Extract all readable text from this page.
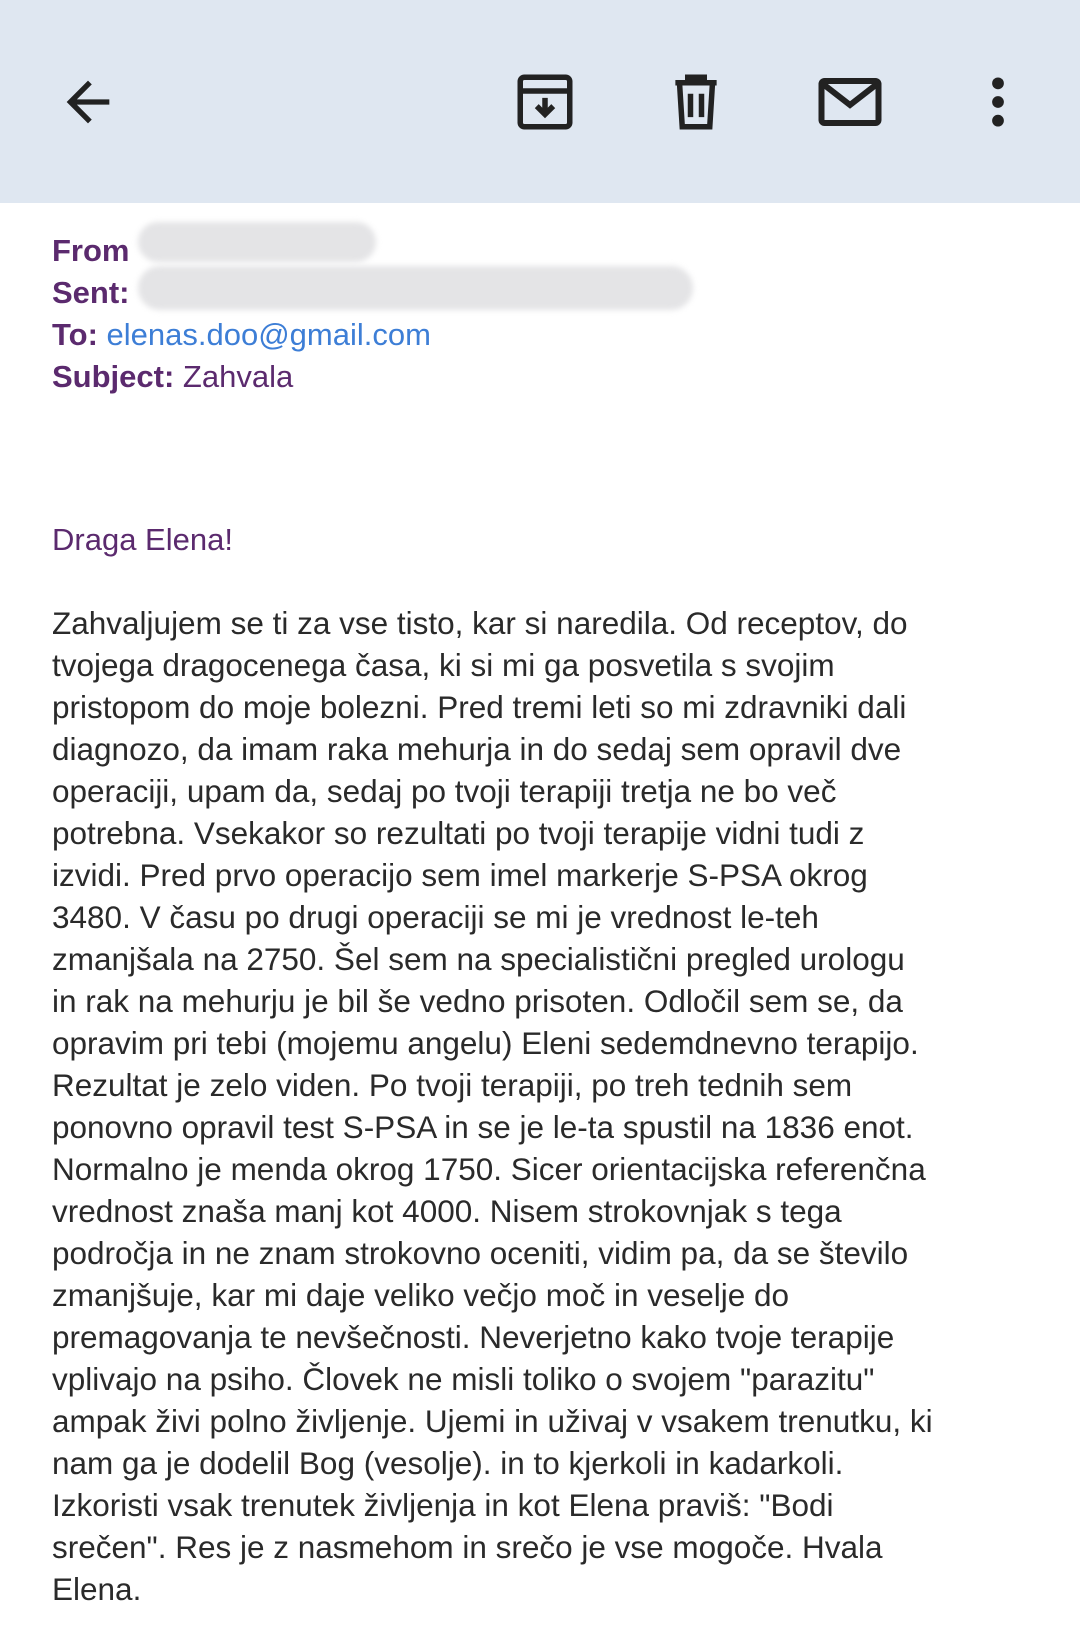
From
Sent:
To: elenas.doo@gmail.com
Subject: Zahvala
Draga Elena!
Zahvaljujem se ti za vse tisto, kar si naredila. Od receptov, do
tvojega dragocenega časa, ki si mi ga posvetila s svojim
pristopom do moje bolezni. Pred tremi leti so mi zdravniki dali
diagnozo, da imam raka mehurja in do sedaj sem opravil dve
operaciji, upam da, sedaj po tvoji terapiji tretja ne bo več
potrebna. Vsekakor so rezultati po tvoji terapije vidni tudi z
izvidi. Pred prvo operacijo sem imel markerje S-PSA okrog
3480. V času po drugi operaciji se mi je vrednost le-teh
zmanjšala na 2750. Šel sem na specialistični pregled urologu
in rak na mehurju je bil še vedno prisoten. Odločil sem se, da
opravim pri tebi (mojemu angelu) Eleni sedemdnevno terapijo.
Rezultat je zelo viden. Po tvoji terapiji, po treh tednih sem
ponovno opravil test S-PSA in se je le-ta spustil na 1836 enot.
Normalno je menda okrog 1750. Sicer orientacijska referenčna
vrednost znaša manj kot 4000. Nisem strokovnjak s tega
področja in ne znam strokovno oceniti, vidim pa, da se število
zmanjšuje, kar mi daje veliko večjo moč in veselje do
premagovanja te nevšečnosti. Neverjetno kako tvoje terapije
vplivajo na psiho. Človek ne misli toliko o svojem "parazitu"
ampak živi polno življenje. Ujemi in uživaj v vsakem trenutku, ki
nam ga je dodelil Bog (vesolje). in to kjerkoli in kadarkoli.
Izkoristi vsak trenutek življenja in kot Elena praviš: "Bodi
srečen". Res je z nasmehom in srečo je vse mogoče. Hvala
Elena.
